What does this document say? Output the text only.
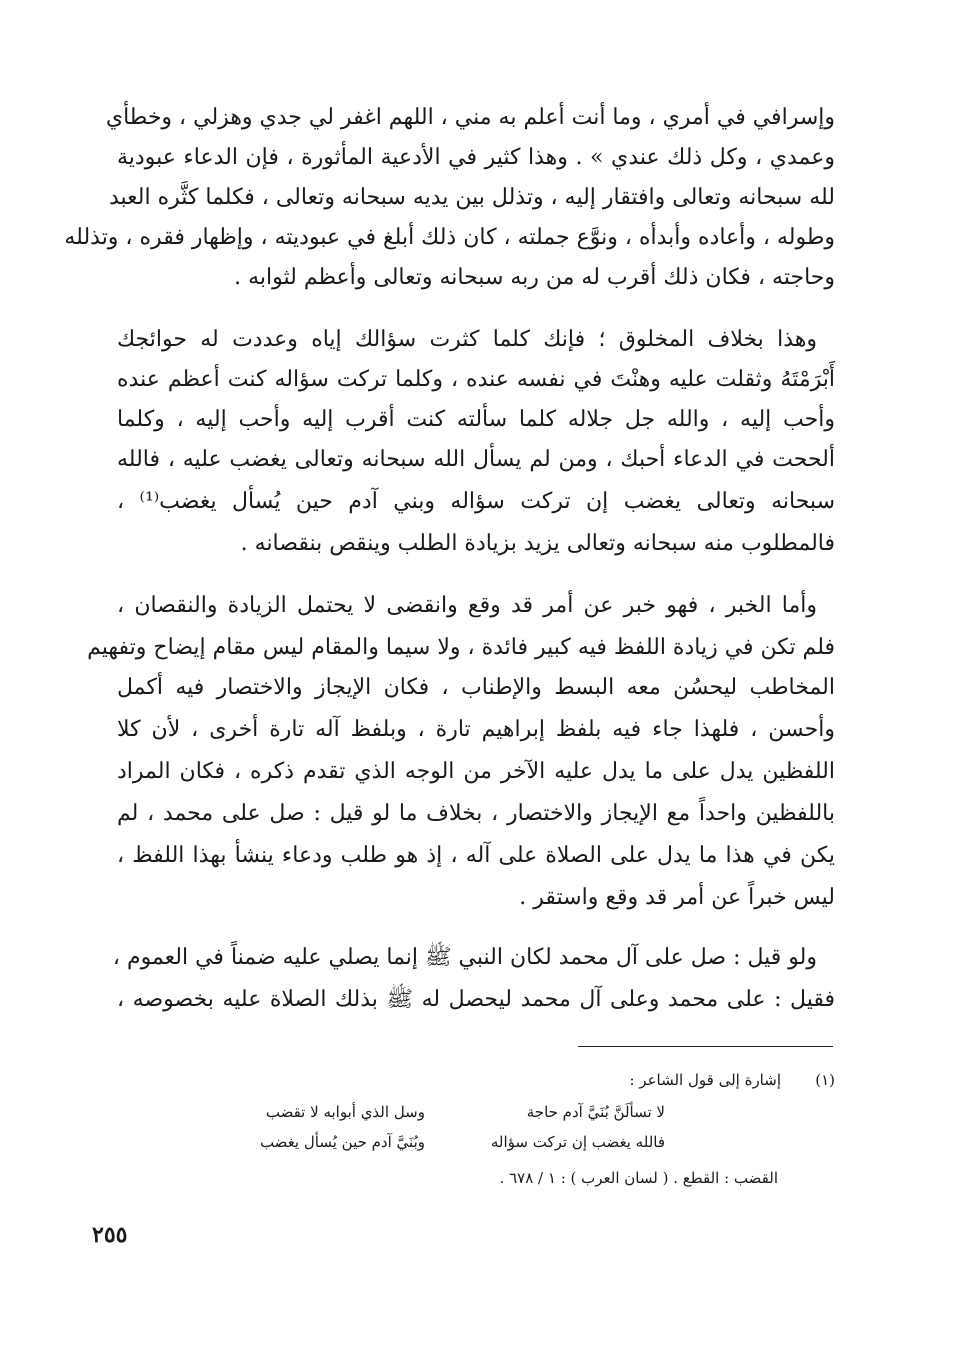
وإسرافي في أمري ، وما أنت أعلم به مني ، اللهم اغفر لي جدي وهزلي ، وخطأي
وعمدي ، وكل ذلك عندي » . وهذا كثير في الأدعية المأثورة ، فإن الدعاء عبودية
لله سبحانه وتعالى وافتقار إليه ، وتذلل بين يديه سبحانه وتعالى ، فكلما كثَّره العبد
وطوله ، وأعاده وأبدأه ، ونوَّع جملته ، كان ذلك أبلغ في عبوديته ، وإظهار فقره ، وتذلله
وحاجته ، فكان ذلك أقرب له من ربه سبحانه وتعالى وأعظم لثوابه .
وهذا بخلاف المخلوق ؛ فإنك كلما كثرت سؤالك إياه وعددت له حوائجك
أَبْرَمْتَهُ وثقلت عليه وهنْتَ في نفسه عنده ، وكلما تركت سؤاله كنت أعظم عنده
وأحب إليه ، والله جل جلاله كلما سألته كنت أقرب إليه وأحب إليه ، وكلما
ألححت في الدعاء أحبك ، ومن لم يسأل الله سبحانه وتعالى يغضب عليه ، فالله
سبحانه وتعالى يغضب إن تركت سؤاله وبني آدم حين يُسأل يغضب⁽¹⁾ ،
فالمطلوب منه سبحانه وتعالى يزيد بزيادة الطلب وينقص بنقصانه .
وأما الخبر ، فهو خبر عن أمر قد وقع وانقضى لا يحتمل الزيادة والنقصان ،
فلم تكن في زيادة اللفظ فيه كبير فائدة ، ولا سيما والمقام ليس مقام إيضاح وتفهيم
المخاطب ليحسُن معه البسط والإطناب ، فكان الإيجاز والاختصار فيه أكمل
وأحسن ، فلهذا جاء فيه بلفظ إبراهيم تارة ، وبلفظ آله تارة أخرى ، لأن كلا
اللفظين يدل على ما يدل عليه الآخر من الوجه الذي تقدم ذكره ، فكان المراد
باللفظين واحداً مع الإيجاز والاختصار ، بخلاف ما لو قيل : صل على محمد ، لم
يكن في هذا ما يدل على الصلاة على آله ، إذ هو طلب ودعاء ينشأ بهذا اللفظ ،
ليس خبراً عن أمر قد وقع واستقر .
ولو قيل : صل على آل محمد لكان النبي ﷺ إنما يصلي عليه ضمناً في العموم ،
فقيل : على محمد وعلى آل محمد ليحصل له ﷺ بذلك الصلاة عليه بخصوصه ،
(١)
إشارة إلى قول الشاعر :
لا تسألَنَّ بُنَيَّ آدم حاجة
وسل الذي أبوابه لا تقضب
فالله يغضب إن تركت سؤاله
وبُنَيَّ آدم حين يُسأل يغضب
القضب : القطع . ( لسان العرب ) : ١ / ٦٧٨ .
٢٥٥
